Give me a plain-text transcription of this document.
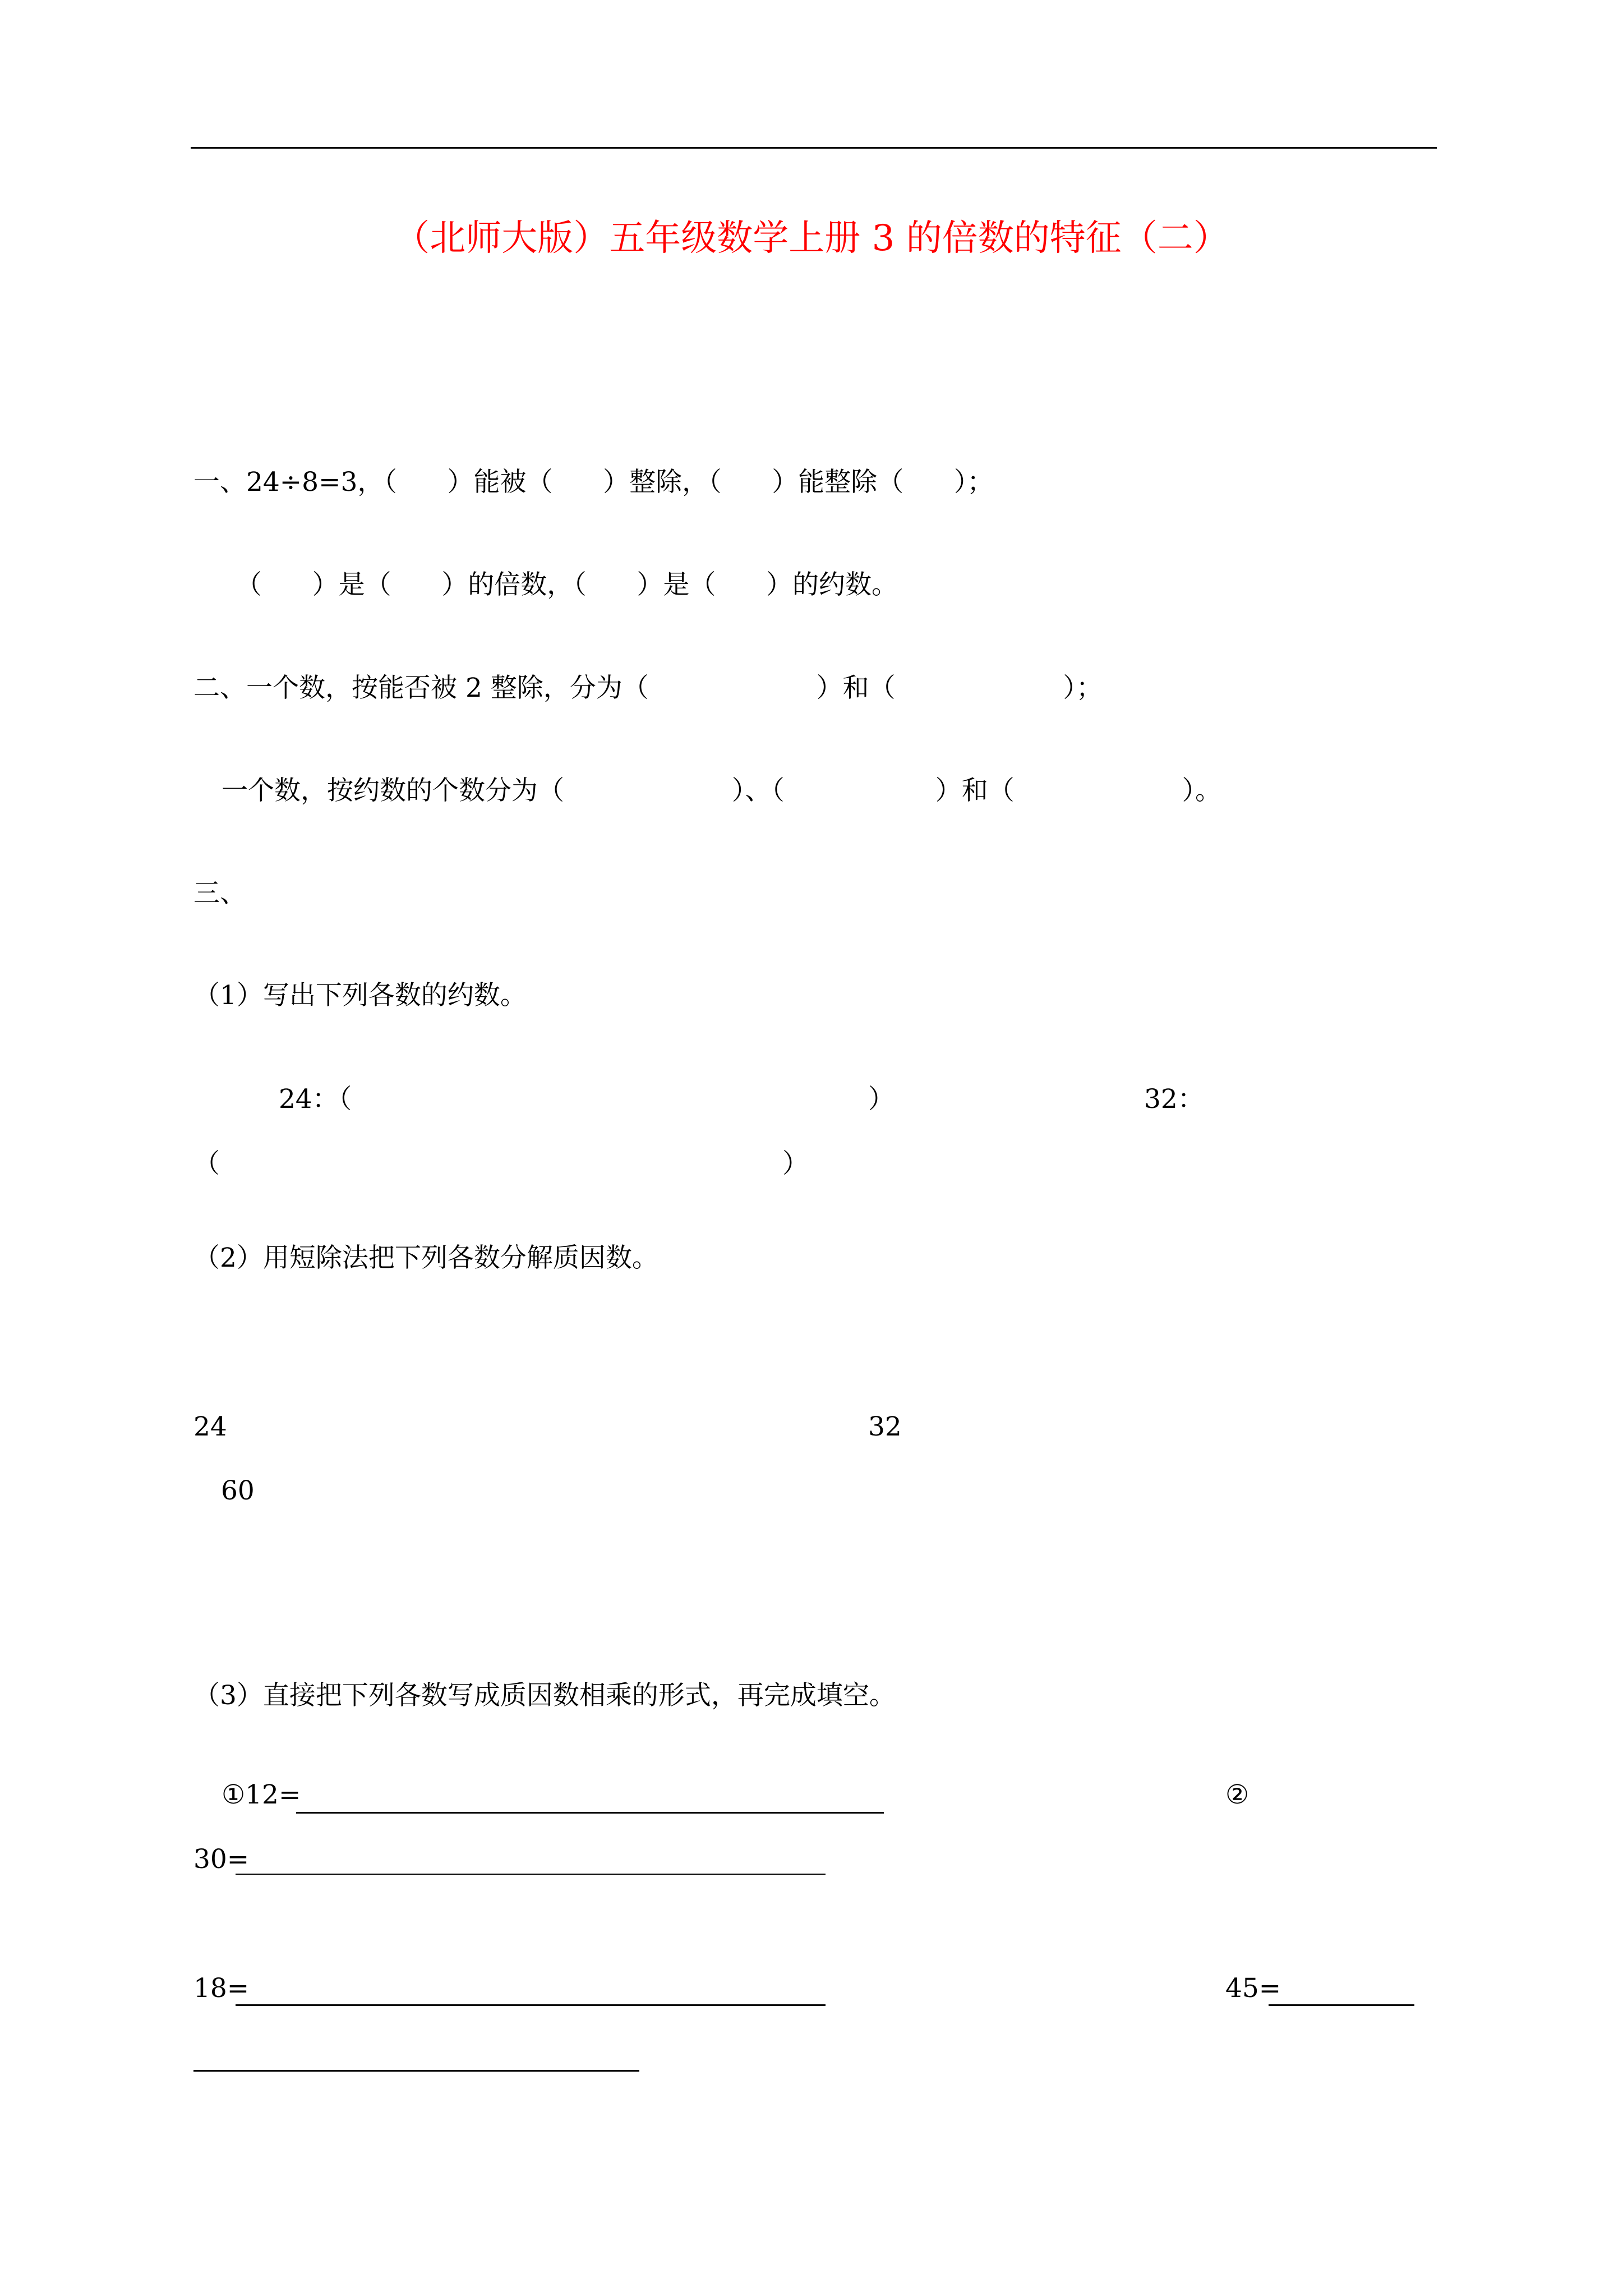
（北师大版）五年级数学上册 3 的倍数的特征（二）
一、24÷8=3，（      ）能被（      ）整除，（      ）能整除（      ）；
（      ）是（      ）的倍数，（      ）是（      ）的约数。
二、一个数，按能否被 2 整除，分为（                    ）和（                    ）；
一个数，按约数的个数分为（                    ）、（                  ）和（                    ）。
三、
（1）写出下列各数的约数。
24：（	）	32：
（	）
（2）用短除法把下列各数分解质因数。
24	32
60
（3）直接把下列各数写成质因数相乘的形式，再完成填空。
①12=	②
30=
18=	45=
